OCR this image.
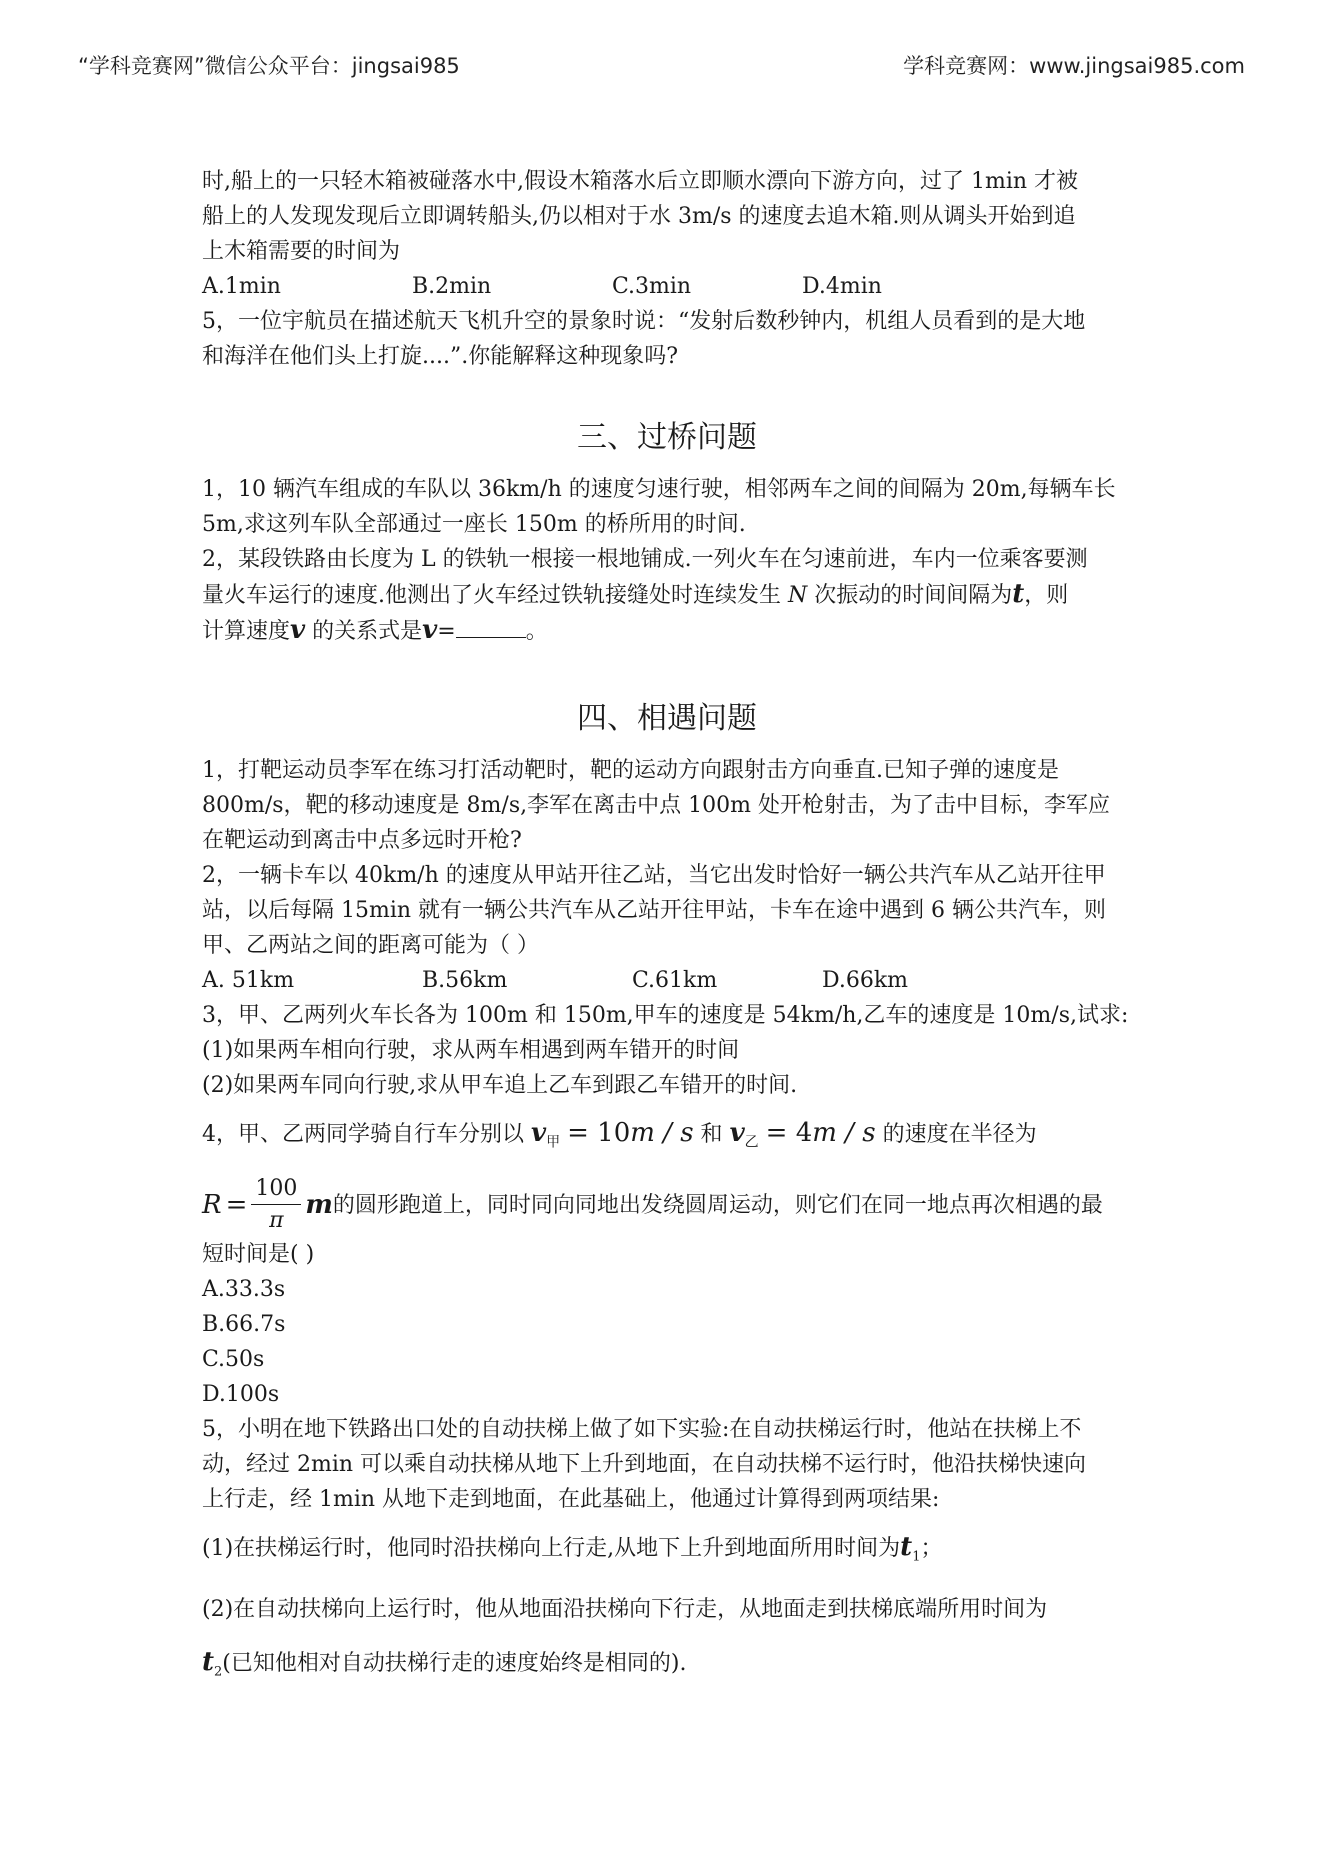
“学科竞赛网”微信公众平台：jingsai985	学科竞赛网：www.jingsai985.com

时,船上的一只轻木箱被碰落水中,假设木箱落水后立即顺水漂向下游方向，过了 1min 才被

船上的人发现发现后立即调转船头,仍以相对于水 3m/s 的速度去追木箱.则从调头开始到追

上木箱需要的时间为

A.1min	B.2min	C.3min	D.4min

5，一位宇航员在描述航天飞机升空的景象时说：“发射后数秒钟内，机组人员看到的是大地

和海洋在他们头上打旋....”.你能解释这种现象吗?

三、过桥问题

1，10 辆汽车组成的车队以 36km/h 的速度匀速行驶，相邻两车之间的间隔为 20m,每辆车长

5m,求这列车队全部通过一座长 150m 的桥所用的时间.

2，某段铁路由长度为 L 的铁轨一根接一根地铺成.一列火车在匀速前进，车内一位乘客要测

量火车运行的速度.他测出了火车经过铁轨接缝处时连续发生 N 次振动的时间间隔为t，则

计算速度v 的关系式是v=	。

四、相遇问题

1，打靶运动员李军在练习打活动靶时，靶的运动方向跟射击方向垂直.已知子弹的速度是

800m/s，靶的移动速度是 8m/s,李军在离击中点 100m 处开枪射击，为了击中目标，李军应

在靶运动到离击中点多远时开枪?

2，一辆卡车以 40km/h 的速度从甲站开往乙站，当它出发时恰好一辆公共汽车从乙站开往甲

站，以后每隔 15min 就有一辆公共汽车从乙站开往甲站，卡车在途中遇到 6 辆公共汽车，则

甲、乙两站之间的距离可能为（ ）

A. 51km	B.56km	C.61km	D.66km

3，甲、乙两列火车长各为 100m 和 150m,甲车的速度是 54km/h,乙车的速度是 10m/s,试求:

(1)如果两车相向行驶，求从两车相遇到两车错开的时间

(2)如果两车同向行驶,求从甲车追上乙车到跟乙车错开的时间.

4，甲、乙两同学骑自行车分别以 $v_甲 = 10m / s$ 和 $v_乙 = 4m / s$ 的速度在半径为

$R = \frac{100}{\pi}$ m 的圆形跑道上，同时同向同地出发绕圆周运动，则它们在同一地点再次相遇的最

短时间是( )

A.33.3s

B.66.7s

C.50s

D.100s

5，小明在地下铁路出口处的自动扶梯上做了如下实验:在自动扶梯运行时，他站在扶梯上不

动，经过 2min 可以乘自动扶梯从地下上升到地面，在自动扶梯不运行时，他沿扶梯快速向

上行走，经 1min 从地下走到地面，在此基础上，他通过计算得到两项结果:

(1)在扶梯运行时，他同时沿扶梯向上行走,从地下上升到地面所用时间为$t_1$；

(2)在自动扶梯向上运行时，他从地面沿扶梯向下行走，从地面走到扶梯底端所用时间为

$t_2$(已知他相对自动扶梯行走的速度始终是相同的).
